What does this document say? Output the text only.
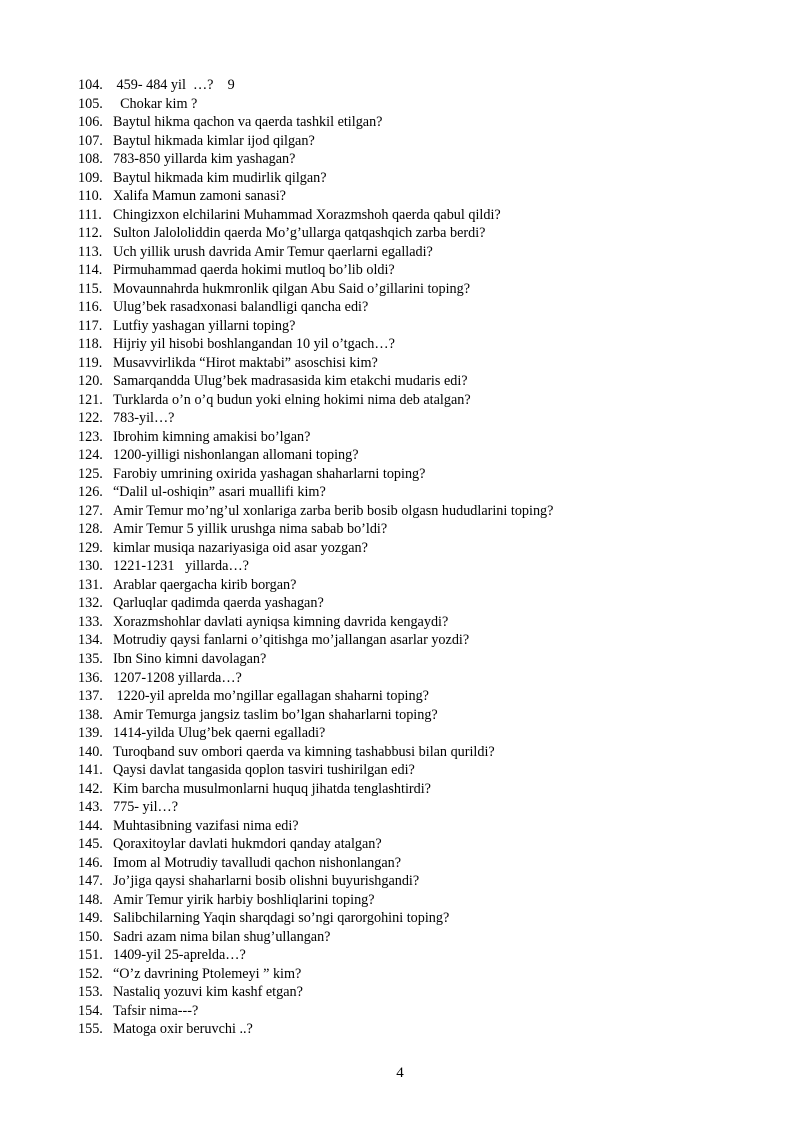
104. 459- 484 yil  …?    9
105. Chokar kim ?
106. Baytul hikma qachon va qaerda tashkil etilgan?
107. Baytul hikmada kimlar ijod qilgan?
108. 783-850 yillarda kim yashagan?
109. Baytul hikmada kim mudirlik qilgan?
110. Xalifa Mamun zamoni sanasi?
111. Chingizxon elchilarini Muhammad Xorazmshoh qaerda qabul qildi?
112. Sulton Jalololiddin qaerda Mo’g’ullarga qatqashqich zarba berdi?
113. Uch yillik urush davrida Amir Temur qaerlarni egalladi?
114. Pirmuhammad qaerda hokimi mutloq bo’lib oldi?
115. Movaunnahrda hukmronlik qilgan Abu Said o’gillarini toping?
116. Ulug’bek rasadxonasi balandligi qancha edi?
117. Lutfiy yashagan yillarni toping?
118. Hijriy yil hisobi boshlangandan 10 yil o’tgach…?
119. Musavvirlikda “Hirot maktabi” asoschisi kim?
120. Samarqandda Ulug’bek madrasasida kim etakchi mudaris edi?
121. Turklarda o’n o’q budun yoki elning hokimi nima deb atalgan?
122. 783-yil…?
123. Ibrohim kimning amakisi bo’lgan?
124. 1200-yilligi nishonlangan allomani toping?
125. Farobiy umrining oxirida yashagan shaharlarni toping?
126. “Dalil ul-oshiqin” asari muallifi kim?
127. Amir Temur mo’ng’ul xonlariga zarba berib bosib olgasn hududlarini toping?
128. Amir Temur 5 yillik urushga nima sabab bo’ldi?
129. kimlar musiqa nazariyasiga oid asar yozgan?
130. 1221-1231   yillarda…?
131. Arablar qaergacha kirib borgan?
132. Qarluqlar qadimda qaerda yashagan?
133. Xorazmshohlar davlati ayniqsa kimning davrida kengaydi?
134. Motrudiy qaysi fanlarni o’qitishga mo’jallangan asarlar yozdi?
135. Ibn Sino kimni davolagan?
136. 1207-1208 yillarda…?
137. 1220-yil aprelda mo’ngillar egallagan shaharni toping?
138. Amir Temurga jangsiz taslim bo’lgan shaharlarni toping?
139. 1414-yilda Ulug’bek qaerni egalladi?
140. Turoqband suv ombori qaerda va kimning tashabbusi bilan qurildi?
141. Qaysi davlat tangasida qoplon tasviri tushirilgan edi?
142. Kim barcha musulmonlarni huquq jihatda tenglashtirdi?
143. 775- yil…?
144. Muhtasibning vazifasi nima edi?
145. Qoraxitoylar davlati hukmdori qanday atalgan?
146. Imom al Motrudiy tavalludi qachon nishonlangan?
147. Jo’jiga qaysi shaharlarni bosib olishni buyurishgandi?
148. Amir Temur yirik harbiy boshliqlarini toping?
149. Salibchilarning Yaqin sharqdagi so’ngi qarorgohini toping?
150. Sadri azam nima bilan shug’ullangan?
151. 1409-yil 25-aprelda…?
152. “O’z davrining Ptolemeyi ” kim?
153. Nastaliq yozuvi kim kashf etgan?
154. Tafsir nima---?
155. Matoga oxir beruvchi ..?
4
